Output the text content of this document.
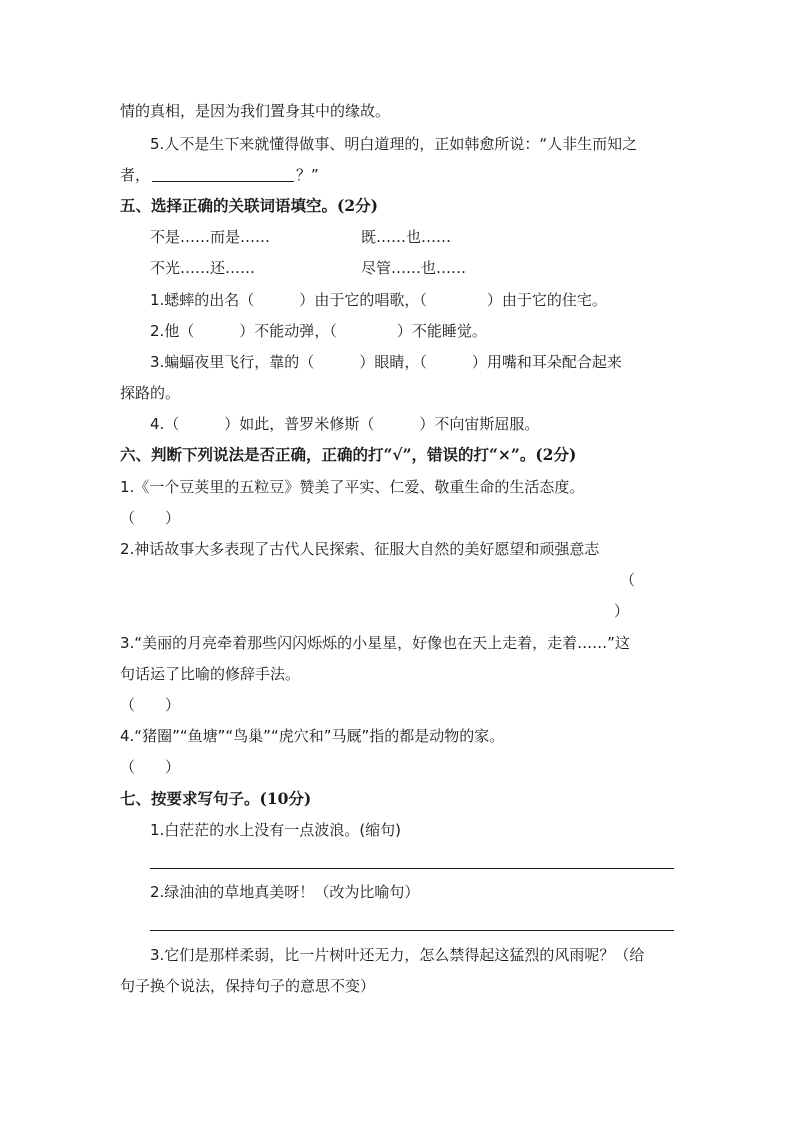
情的真相，是因为我们置身其中的缘故。
5.人不是生下来就懂得做事、明白道理的，正如韩愈所说：“人非生而知之
者，	？”
五、选择正确的关联词语填空。(2分)
不是……而是……	既……也……
不光……还……	尽管……也……
1.蟋蟀的出名（　　　）由于它的唱歌，（　　　　）由于它的住宅。
2.他（　　　）不能动弹，（　　　　）不能睡觉。
3.蝙蝠夜里飞行，靠的（　　　）眼睛，（　　　）用嘴和耳朵配合起来
探路的。
4.（　　　）如此，普罗米修斯（　　　）不向宙斯屈服。
六、判断下列说法是否正确，正确的打“√”，错误的打“×”。(2分)
1.《一个豆荚里的五粒豆》赞美了平实、仁爱、敬重生命的生活态度。
（　　）
2.神话故事大多表现了古代人民探索、征服大自然的美好愿望和顽强意志
（
）
3.“美丽的月亮牵着那些闪闪烁烁的小星星，好像也在天上走着，走着……”这
句话运了比喻的修辞手法。
（　　）
4.“猪圈”“鱼塘”“鸟巢”“虎穴和”马厩”指的都是动物的家。
（　　）
七、按要求写句子。(10分)
1.白茫茫的水上没有一点波浪。(缩句)
2.绿油油的草地真美呀！（改为比喻句）
3.它们是那样柔弱，比一片树叶还无力，怎么禁得起这猛烈的风雨呢？（给
句子换个说法，保持句子的意思不变）
